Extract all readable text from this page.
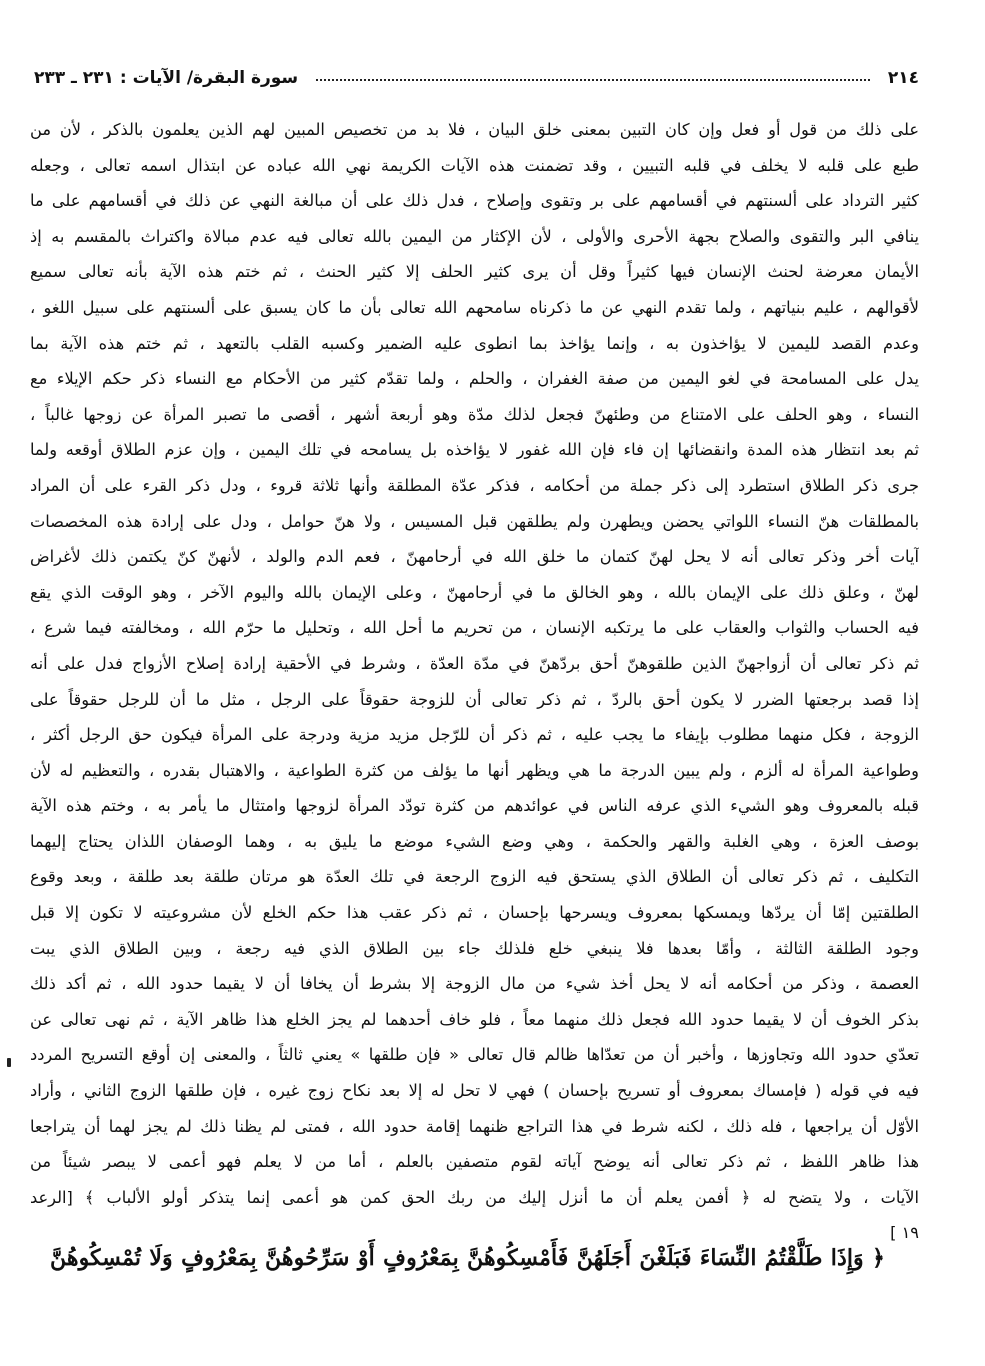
٢١٤
سورة البقرة/ الآيات : ٢٣١ ـ ٢٣٣
على ذلك من قول أو فعل وإن كان التبين بمعنى خلق البيان ، فلا بد من تخصيص المبين لهم الذين يعلمون بالذكر ، لأن من
طبع على قلبه لا يخلف في قلبه التبيين ، وقد تضمنت هذه الآيات الكريمة نهي الله عباده عن ابتذال اسمه تعالى ، وجعله
كثير الترداد على ألسنتهم في أقسامهم على بر وتقوى وإصلاح ، فدل ذلك على أن مبالغة النهي عن ذلك في أقسامهم على ما
ينافي البر والتقوى والصلاح بجهة الأحرى والأولى ، لأن الإكثار من اليمين بالله تعالى فيه عدم مبالاة واكتراث بالمقسم به إذ
الأيمان معرضة لحنث الإنسان فيها كثيراً وقل أن يرى كثير الحلف إلا كثير الحنث ، ثم ختم هذه الآية بأنه تعالى سميع
لأقوالهم ، عليم بنياتهم ، ولما تقدم النهي عن ما ذكرناه سامحهم الله تعالى بأن ما كان يسبق على ألسنتهم على سبيل اللغو ،
وعدم القصد لليمين لا يؤاخذون به ، وإنما يؤاخذ بما انطوى عليه الضمير وكسبه القلب بالتعهد ، ثم ختم هذه الآية بما
يدل على المسامحة في لغو اليمين من صفة الغفران ، والحلم ، ولما تقدّم كثير من الأحكام مع النساء ذكر حكم الإيلاء مع
النساء ، وهو الحلف على الامتناع من وطئهنّ فجعل لذلك مدّة وهو أربعة أشهر ، أقصى ما تصبر المرأة عن زوجها غالباً ،
ثم بعد انتظار هذه المدة وانقضائها إن فاء فإن الله غفور لا يؤاخذه بل يسامحه في تلك اليمين ، وإن عزم الطلاق أوقعه ولما
جرى ذكر الطلاق استطرد إلى ذكر جملة من أحكامه ، فذكر عدّة المطلقة وأنها ثلاثة قروء ، ودل ذكر القرء على أن المراد
بالمطلقات هنّ النساء اللواتي يحضن ويطهرن ولم يطلقهن قبل المسيس ، ولا هنّ حوامل ، ودل على إرادة هذه المخصصات
آيات أخر وذكر تعالى أنه لا يحل لهنّ كتمان ما خلق الله في أرحامهنّ ، فعم الدم والولد ، لأنهنّ كنّ يكتمن ذلك لأغراض
لهنّ ، وعلق ذلك على الإيمان بالله ، وهو الخالق ما في أرحامهنّ ، وعلى الإيمان بالله واليوم الآخر ، وهو الوقت الذي يقع
فيه الحساب والثواب والعقاب على ما يرتكبه الإنسان ، من تحريم ما أحل الله ، وتحليل ما حرّم الله ، ومخالفته فيما شرع ،
ثم ذكر تعالى أن أزواجهنّ الذين طلقوهنّ أحق بردّهنّ في مدّة العدّة ، وشرط في الأحقية إرادة إصلاح الأزواج فدل على أنه
إذا قصد برجعتها الضرر لا يكون أحق بالردّ ، ثم ذكر تعالى أن للزوجة حقوقاً على الرجل ، مثل ما أن للرجل حقوقاً على
الزوجة ، فكل منهما مطلوب بإيفاء ما يجب عليه ، ثم ذكر أن للرّجل مزيد مزية ودرجة على المرأة فيكون حق الرجل أكثر ،
وطواعية المرأة له ألزم ، ولم يبين الدرجة ما هي ويظهر أنها ما يؤلف من كثرة الطواعية ، والاهتبال بقدره ، والتعظيم له لأن
قبله بالمعروف وهو الشيء الذي عرفه الناس في عوائدهم من كثرة تودّد المرأة لزوجها وامتثال ما يأمر به ، وختم هذه الآية
بوصف العزة ، وهي الغلبة والقهر والحكمة ، وهي وضع الشيء موضع ما يليق به ، وهما الوصفان اللذان يحتاج إليهما
التكليف ، ثم ذكر تعالى أن الطلاق الذي يستحق فيه الزوج الرجعة في تلك العدّة هو مرتان طلقة بعد طلقة ، وبعد وقوع
الطلقتين إمّا أن يردّها ويمسكها بمعروف ويسرحها بإحسان ، ثم ذكر عقب هذا حكم الخلع لأن مشروعيته لا تكون إلا قبل
وجود الطلقة الثالثة ، وأمّا بعدها فلا ينبغي خلع فلذلك جاء بين الطلاق الذي فيه رجعة ، وبين الطلاق الذي يبت
العصمة ، وذكر من أحكامه أنه لا يحل أخذ شيء من مال الزوجة إلا بشرط أن يخافا أن لا يقيما حدود الله ، ثم أكد ذلك
بذكر الخوف أن لا يقيما حدود الله فجعل ذلك منهما معاً ، فلو خاف أحدهما لم يجز الخلع هذا ظاهر الآية ، ثم نهى تعالى عن
تعدّي حدود الله وتجاوزها ، وأخبر أن من تعدّاها ظالم قال تعالى « فإن طلقها » يعني ثالثاً ، والمعنى إن أوقع التسريح المردد
فيه في قوله ( فإمساك بمعروف أو تسريح بإحسان ) فهي لا تحل له إلا بعد نكاح زوج غيره ، فإن طلقها الزوج الثاني ، وأراد
الأوّل أن يراجعها ، فله ذلك ، لكنه شرط في هذا التراجع ظنهما إقامة حدود الله ، فمتى لم يظنا ذلك لم يجز لهما أن يتراجعا
هذا ظاهر اللفظ ، ثم ذكر تعالى أنه يوضح آياته لقوم متصفين بالعلم ، أما من لا يعلم فهو أعمى لا يبصر شيئاً من
الآيات ، ولا يتضح له ﴿ أفمن يعلم أن ما أنزل إليك من ربك الحق كمن هو أعمى إنما يتذكر أولو الألباب ﴾ [الرعد
١٩ ]
﴿ وَإِذَا طَلَّقْتُمُ النِّسَاءَ فَبَلَغْنَ أَجَلَهُنَّ فَأَمْسِكُوهُنَّ بِمَعْرُوفٍ أَوْ سَرِّحُوهُنَّ بِمَعْرُوفٍ وَلَا تُمْسِكُوهُنَّ
